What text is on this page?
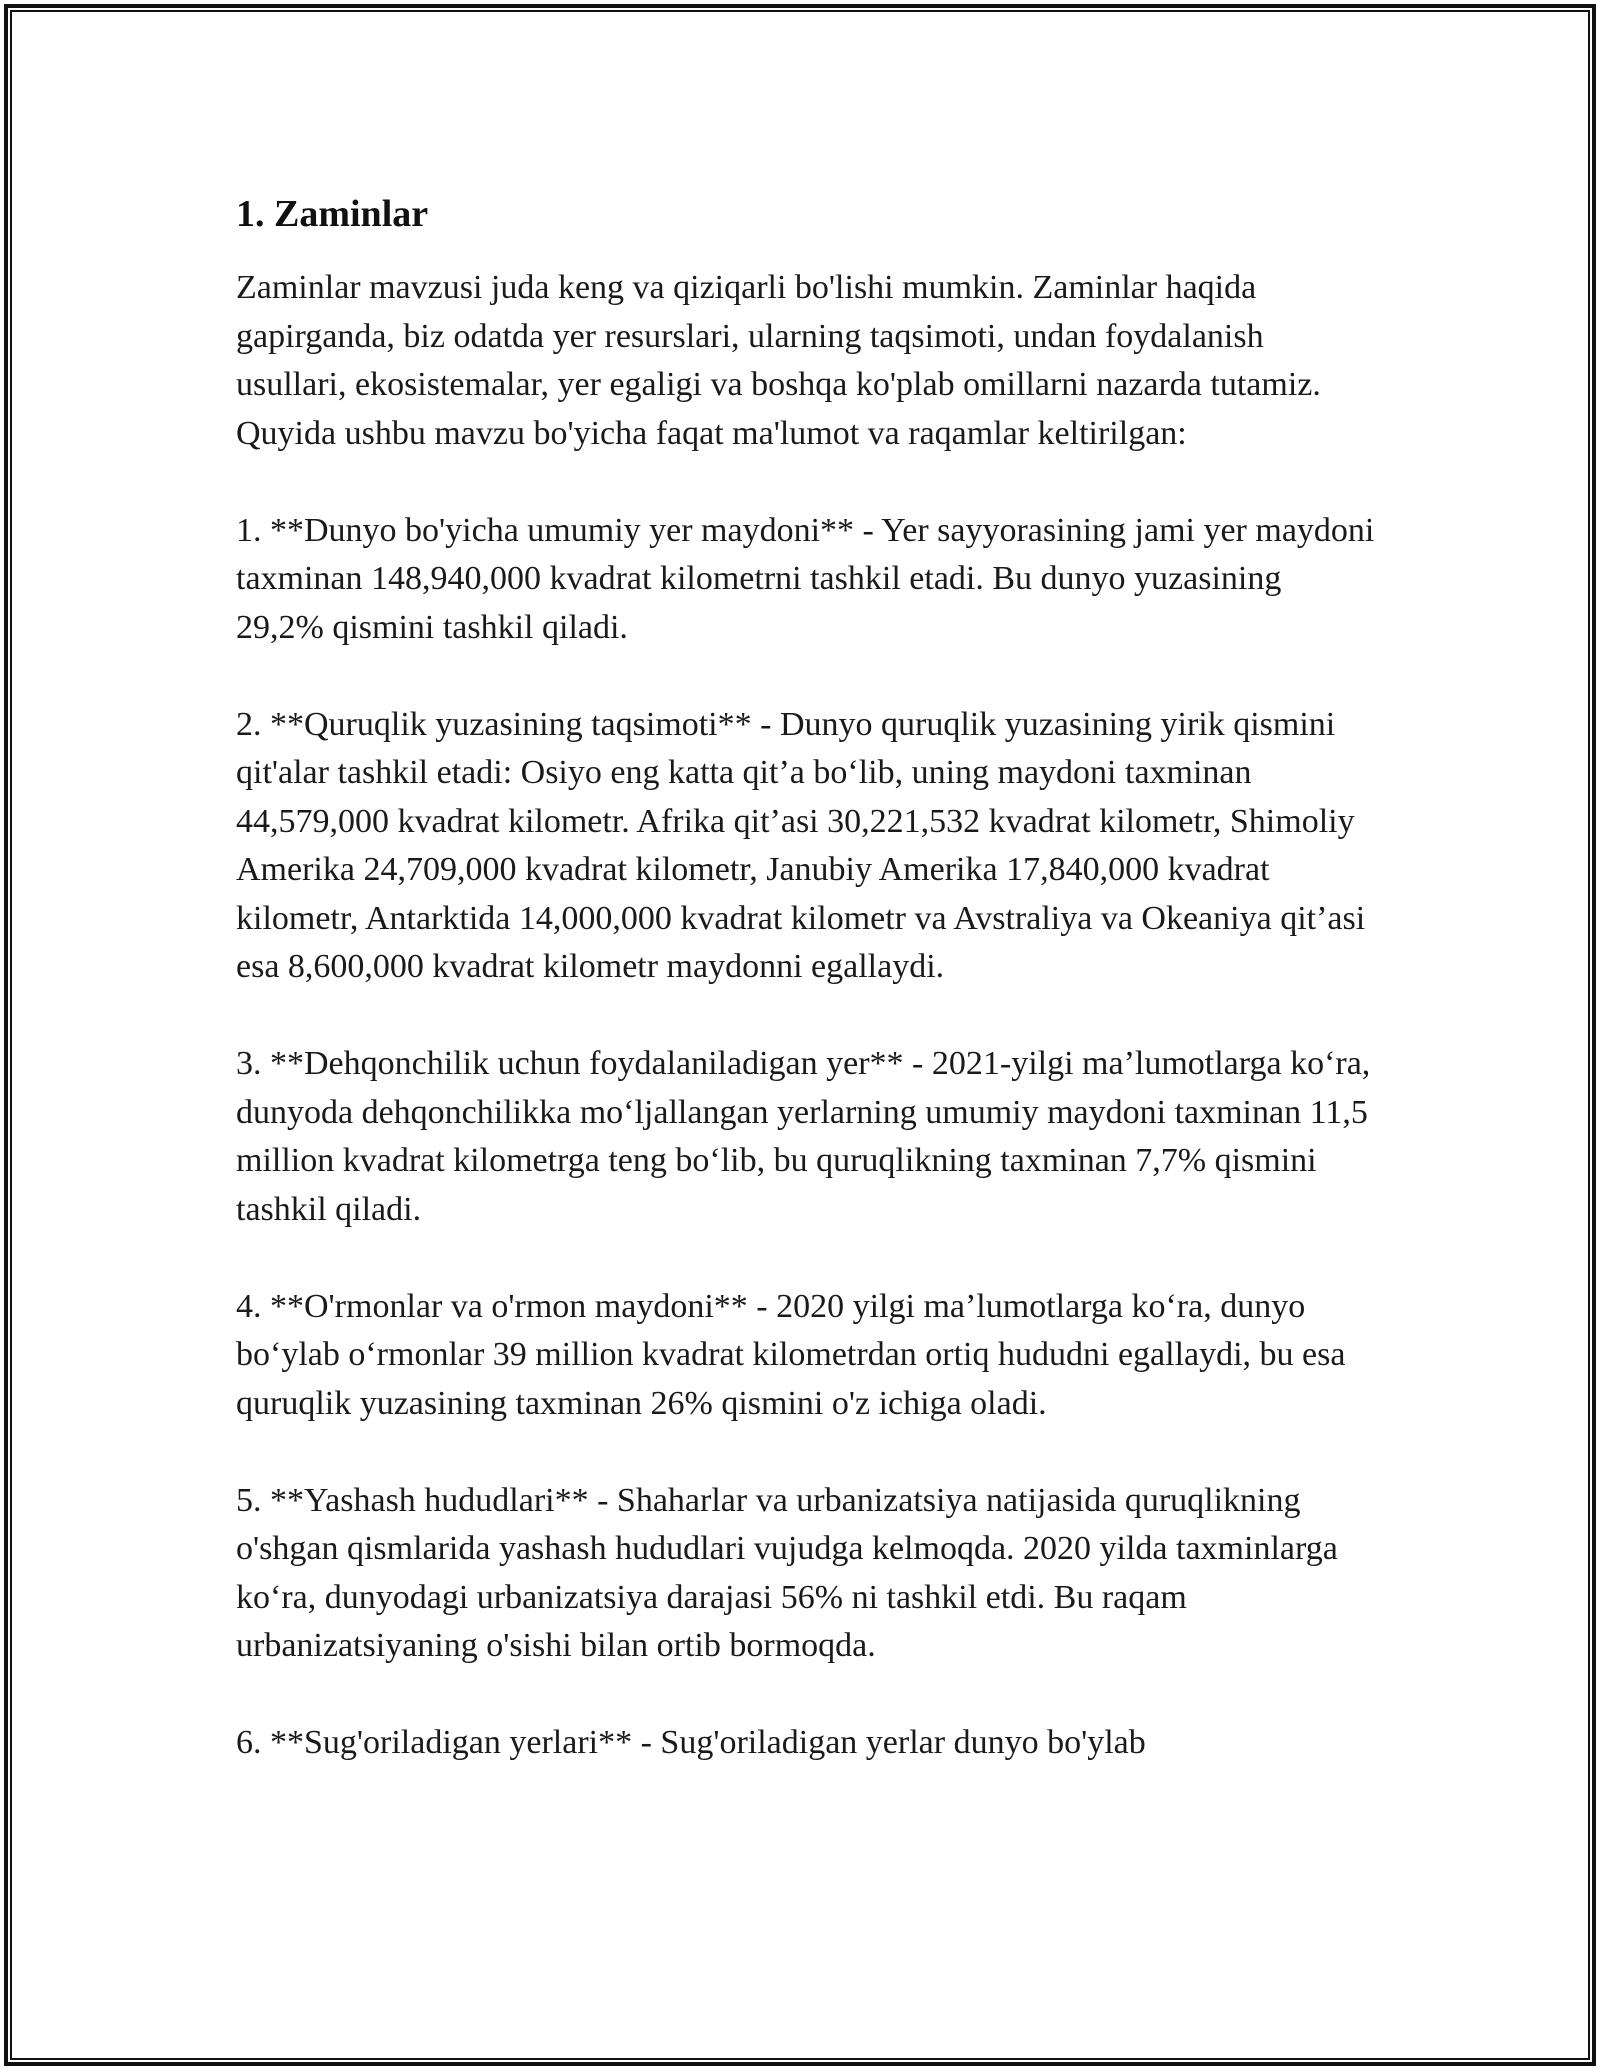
1. Zaminlar

Zaminlar mavzusi juda keng va qiziqarli bo'lishi mumkin. Zaminlar haqida gapirganda, biz odatda yer resurslari, ularning taqsimoti, undan foydalanish usullari, ekosistemalar, yer egaligi va boshqa ko'plab omillarni nazarda tutamiz. Quyida ushbu mavzu bo'yicha faqat ma'lumot va raqamlar keltirilgan:

1. **Dunyo bo'yicha umumiy yer maydoni** - Yer sayyorasining jami yer maydoni taxminan 148,940,000 kvadrat kilometrni tashkil etadi. Bu dunyo yuzasining 29,2% qismini tashkil qiladi.

2. **Quruqlik yuzasining taqsimoti** - Dunyo quruqlik yuzasining yirik qismini qit'alar tashkil etadi: Osiyo eng katta qit’a bo‘lib, uning maydoni taxminan 44,579,000 kvadrat kilometr. Afrika qit’asi 30,221,532 kvadrat kilometr, Shimoliy Amerika 24,709,000 kvadrat kilometr, Janubiy Amerika 17,840,000 kvadrat kilometr, Antarktida 14,000,000 kvadrat kilometr va Avstraliya va Okeaniya qit’asi esa 8,600,000 kvadrat kilometr maydonni egallaydi.

3. **Dehqonchilik uchun foydalaniladigan yer** - 2021-yilgi ma’lumotlarga ko‘ra, dunyoda dehqonchilikka mo‘ljallangan yerlarning umumiy maydoni taxminan 11,5 million kvadrat kilometrga teng bo‘lib, bu quruqlikning taxminan 7,7% qismini tashkil qiladi.

4. **O'rmonlar va o'rmon maydoni** - 2020 yilgi ma’lumotlarga ko‘ra, dunyo bo‘ylab o‘rmonlar 39 million kvadrat kilometrdan ortiq hududni egallaydi, bu esa quruqlik yuzasining taxminan 26% qismini o'z ichiga oladi.

5. **Yashash hududlari** - Shaharlar va urbanizatsiya natijasida quruqlikning o'shgan qismlarida yashash hududlari vujudga kelmoqda. 2020 yilda taxminlarga ko‘ra, dunyodagi urbanizatsiya darajasi 56% ni tashkil etdi. Bu raqam urbanizatsiyaning o'sishi bilan ortib bormoqda.

6. **Sug'oriladigan yerlari** - Sug'oriladigan yerlar dunyo bo'ylab
